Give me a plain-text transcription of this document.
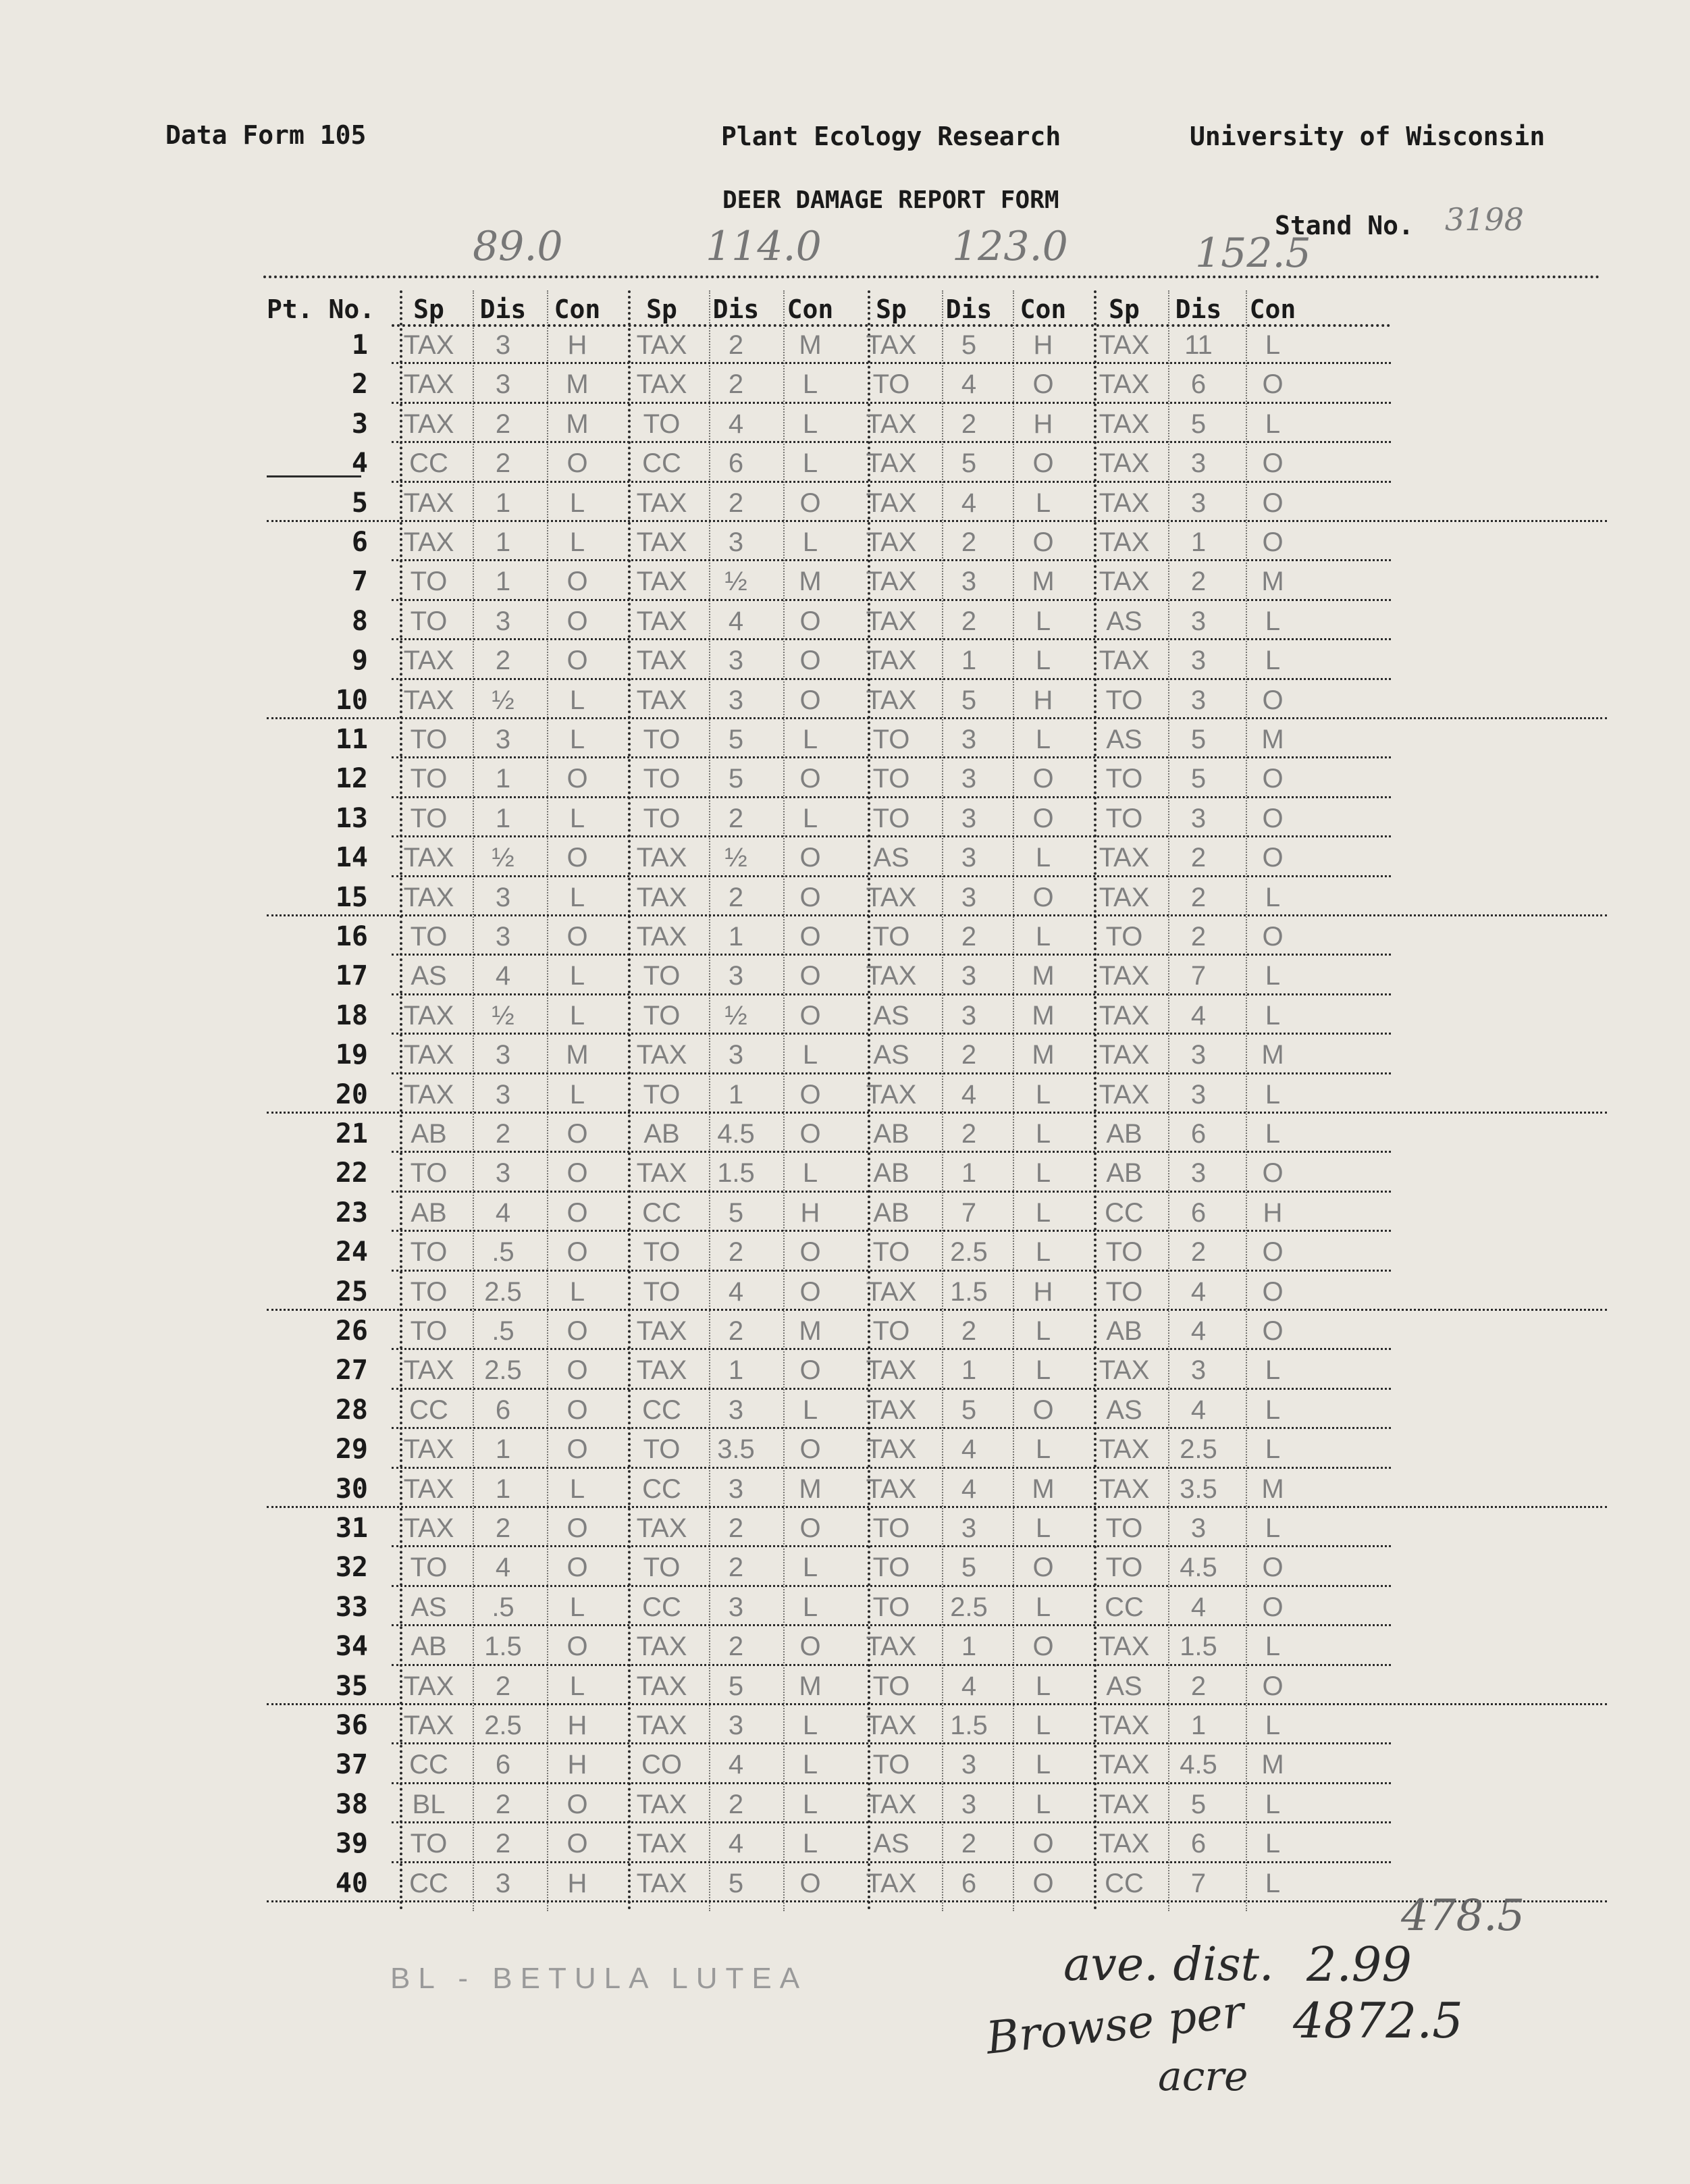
Data Form 105	Plant Ecology Research	University of Wisconsin
DEER DAMAGE REPORT FORM
Stand No. 3198
89.0	114.0	123.0	152.5
Pt. No.	Sp	Dis	Con	Sp	Dis	Con	Sp	Dis	Con	Sp	Dis	Con
1	TAX	3	H	TAX	2	M	TAX	5	H	TAX	11	L
2	TAX	3	M	TAX	2	L	TO	4	O	TAX	6	O
3	TAX	2	M	TO	4	L	TAX	2	H	TAX	5	L
4	CC	2	O	CC	6	L	TAX	5	O	TAX	3	O
5	TAX	1	L	TAX	2	O	TAX	4	L	TAX	3	O
6	TAX	1	L	TAX	3	L	TAX	2	O	TAX	1	O
7	TO	1	O	TAX	½	M	TAX	3	M	TAX	2	M
8	TO	3	O	TAX	4	O	TAX	2	L	AS	3	L
9	TAX	2	O	TAX	3	O	TAX	1	L	TAX	3	L
10	TAX	½	L	TAX	3	O	TAX	5	H	TO	3	O
11	TO	3	L	TO	5	L	TO	3	L	AS	5	M
12	TO	1	O	TO	5	O	TO	3	O	TO	5	O
13	TO	1	L	TO	2	L	TO	3	O	TO	3	O
14	TAX	½	O	TAX	½	O	AS	3	L	TAX	2	O
15	TAX	3	L	TAX	2	O	TAX	3	O	TAX	2	L
16	TO	3	O	TAX	1	O	TO	2	L	TO	2	O
17	AS	4	L	TO	3	O	TAX	3	M	TAX	7	L
18	TAX	½	L	TO	½	O	AS	3	M	TAX	4	L
19	TAX	3	M	TAX	3	L	AS	2	M	TAX	3	M
20	TAX	3	L	TO	1	O	TAX	4	L	TAX	3	L
21	AB	2	O	AB	4.5	O	AB	2	L	AB	6	L
22	TO	3	O	TAX	1.5	L	AB	1	L	AB	3	O
23	AB	4	O	CC	5	H	AB	7	L	CC	6	H
24	TO	.5	O	TO	2	O	TO	2.5	L	TO	2	O
25	TO	2.5	L	TO	4	O	TAX	1.5	H	TO	4	O
26	TO	.5	O	TAX	2	M	TO	2	L	AB	4	O
27	TAX	2.5	O	TAX	1	O	TAX	1	L	TAX	3	L
28	CC	6	O	CC	3	L	TAX	5	O	AS	4	L
29	TAX	1	O	TO	3.5	O	TAX	4	L	TAX	2.5	L
30	TAX	1	L	CC	3	M	TAX	4	M	TAX	3.5	M
31	TAX	2	O	TAX	2	O	TO	3	L	TO	3	L
32	TO	4	O	TO	2	L	TO	5	O	TO	4.5	O
33	AS	.5	L	CC	3	L	TO	2.5	L	CC	4	O
34	AB	1.5	O	TAX	2	O	TAX	1	O	TAX	1.5	L
35	TAX	2	L	TAX	5	M	TO	4	L	AS	2	O
36	TAX	2.5	H	TAX	3	L	TAX	1.5	L	TAX	1	L
37	CC	6	H	CO	4	L	TO	3	L	TAX	4.5	M
38	BL	2	O	TAX	2	L	TAX	3	L	TAX	5	L
39	TO	2	O	TAX	4	L	AS	2	O	TAX	6	L
40	CC	3	H	TAX	5	O	TAX	6	O	CC	7	L
478.5
BL - BETULA LUTEA	ave. dist. 2.99
Browse per
acre
4872.5
